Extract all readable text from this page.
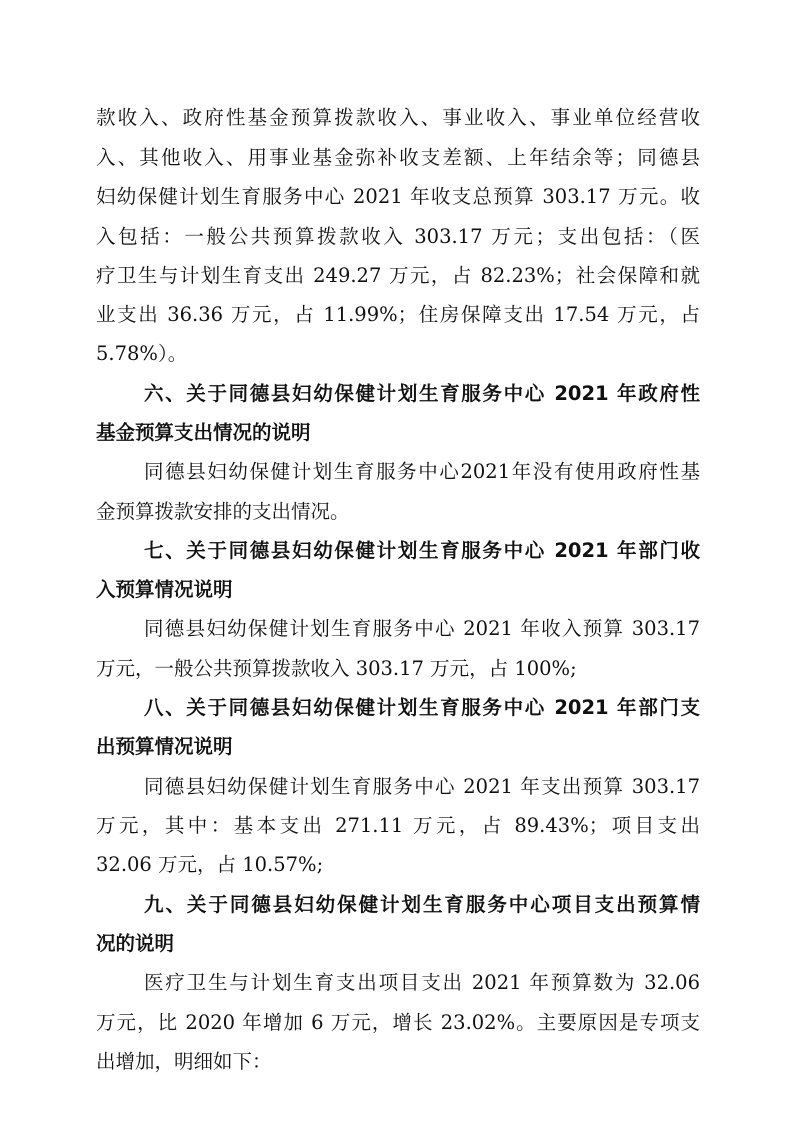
款收入、政府性基金预算拨款收入、事业收入、事业单位经营收
入、其他收入、用事业基金弥补收支差额、上年结余等；同德县
妇幼保健计划生育服务中心 2021 年收支总预算 303.17 万元。收
入包括：一般公共预算拨款收入 303.17 万元；支出包括：（医
疗卫生与计划生育支出 249.27 万元，占 82.23%；社会保障和就
业支出 36.36 万元，占 11.99%；住房保障支出 17.54 万元，占
5.78%）。
六、关于同德县妇幼保健计划生育服务中心 2021 年政府性
基金预算支出情况的说明
同德县妇幼保健计划生育服务中心2021年没有使用政府性基
金预算拨款安排的支出情况。
七、关于同德县妇幼保健计划生育服务中心 2021 年部门收
入预算情况说明
同德县妇幼保健计划生育服务中心 2021 年收入预算 303.17
万元，一般公共预算拨款收入 303.17 万元，占 100%;
八、关于同德县妇幼保健计划生育服务中心 2021 年部门支
出预算情况说明
同德县妇幼保健计划生育服务中心 2021 年支出预算 303.17
万元，其中：基本支出 271.11 万元，占 89.43%；项目支出
32.06 万元，占 10.57%;
九、关于同德县妇幼保健计划生育服务中心项目支出预算情
况的说明
医疗卫生与计划生育支出项目支出 2021 年预算数为 32.06
万元，比 2020 年增加 6 万元，增长 23.02%。主要原因是专项支
出增加，明细如下：
